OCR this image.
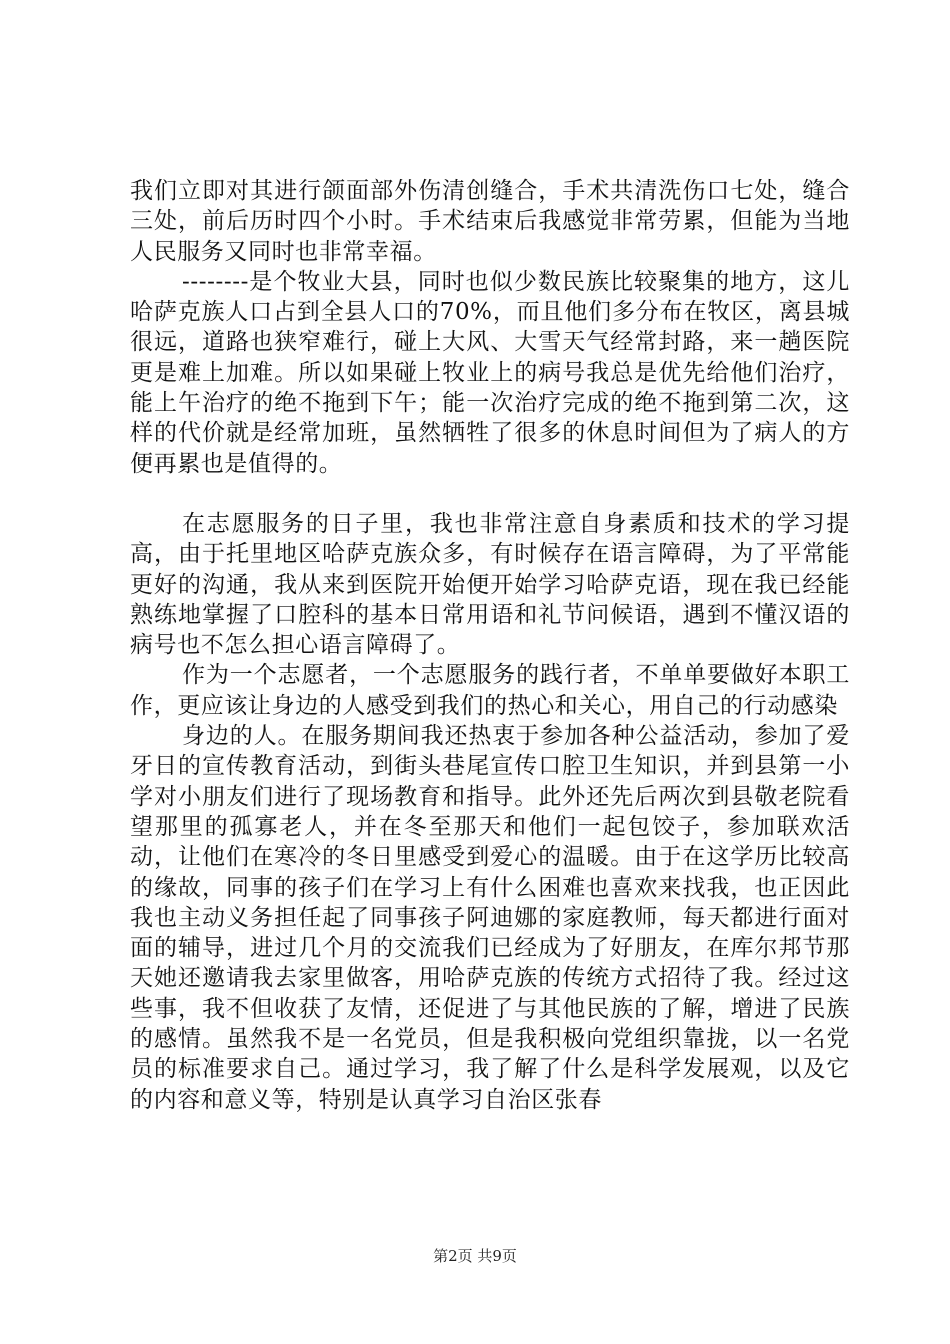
我们立即对其进行颌面部外伤清创缝合，手术共清洗伤口七处，缝合三处，前后历时四个小时。手术结束后我感觉非常劳累，但能为当地人民服务又同时也非常幸福。

--------是个牧业大县，同时也似少数民族比较聚集的地方，这儿哈萨克族人口占到全县人口的70%，而且他们多分布在牧区，离县城很远，道路也狭窄难行，碰上大风、大雪天气经常封路，来一趟医院更是难上加难。所以如果碰上牧业上的病号我总是优先给他们治疗，能上午治疗的绝不拖到下午；能一次治疗完成的绝不拖到第二次，这样的代价就是经常加班，虽然牺牲了很多的休息时间但为了病人的方便再累也是值得的。

在志愿服务的日子里，我也非常注意自身素质和技术的学习提高，由于托里地区哈萨克族众多，有时候存在语言障碍，为了平常能更好的沟通，我从来到医院开始便开始学习哈萨克语，现在我已经能熟练地掌握了口腔科的基本日常用语和礼节问候语，遇到不懂汉语的病号也不怎么担心语言障碍了。

作为一个志愿者，一个志愿服务的践行者，不单单要做好本职工作，更应该让身边的人感受到我们的热心和关心，用自己的行动感染

身边的人。在服务期间我还热衷于参加各种公益活动，参加了爱牙日的宣传教育活动，到街头巷尾宣传口腔卫生知识，并到县第一小学对小朋友们进行了现场教育和指导。此外还先后两次到县敬老院看望那里的孤寡老人，并在冬至那天和他们一起包饺子，参加联欢活动，让他们在寒冷的冬日里感受到爱心的温暖。由于在这学历比较高的缘故，同事的孩子们在学习上有什么困难也喜欢来找我，也正因此我也主动义务担任起了同事孩子阿迪娜的家庭教师，每天都进行面对面的辅导，进过几个月的交流我们已经成为了好朋友，在库尔邦节那天她还邀请我去家里做客，用哈萨克族的传统方式招待了我。经过这些事，我不但收获了友情，还促进了与其他民族的了解，增进了民族的感情。虽然我不是一名党员，但是我积极向党组织靠拢，以一名党员的标准要求自己。通过学习，我了解了什么是科学发展观，以及它的内容和意义等，特别是认真学习自治区张春

第2页 共9页
